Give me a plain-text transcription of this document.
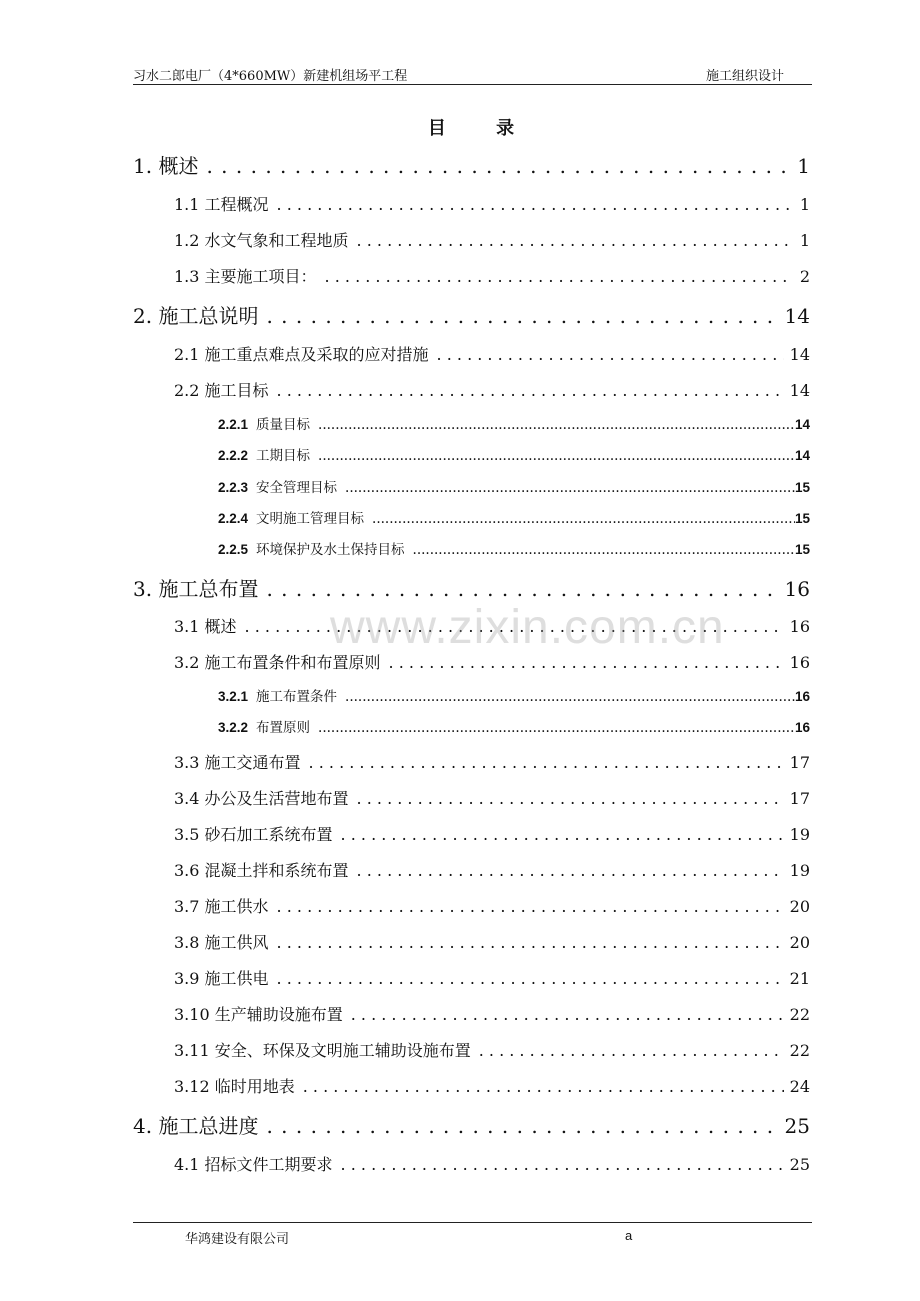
习水二郎电厂（4*660MW）新建机组场平工程	施工组织设计
目 录
1. 概述 . . .	1
1.1 工程概况 . . .	1
1.2 水文气象和工程地质 . . .	1
1.3 主要施工项目： . . .	2
2. 施工总说明 . . .	14
2.1 施工重点难点及采取的应对措施 . . .	14
2.2 施工目标 . . .	14
2.2.1 质量目标 .....	14
2.2.2 工期目标 .....	14
2.2.3 安全管理目标 .....	15
2.2.4 文明施工管理目标 .....	15
2.2.5 环境保护及水土保持目标 .....	15
3. 施工总布置 . . .	16
3.1 概述 . . .	16
3.2 施工布置条件和布置原则 . . .	16
3.2.1 施工布置条件 .....	16
3.2.2 布置原则 .....	16
3.3 施工交通布置 . . .	17
3.4 办公及生活营地布置 . . .	17
3.5 砂石加工系统布置 . . .	19
3.6 混凝土拌和系统布置 . . .	19
3.7 施工供水 . . .	20
3.8 施工供风 . . .	20
3.9 施工供电 . . .	21
3.10 生产辅助设施布置 . . .	22
3.11 安全、环保及文明施工辅助设施布置 . . .	22
3.12 临时用地表 . . .	24
4. 施工总进度 . . .	25
4.1 招标文件工期要求 . . .	25
www.zixin.com.cn
华鸿建设有限公司	a
